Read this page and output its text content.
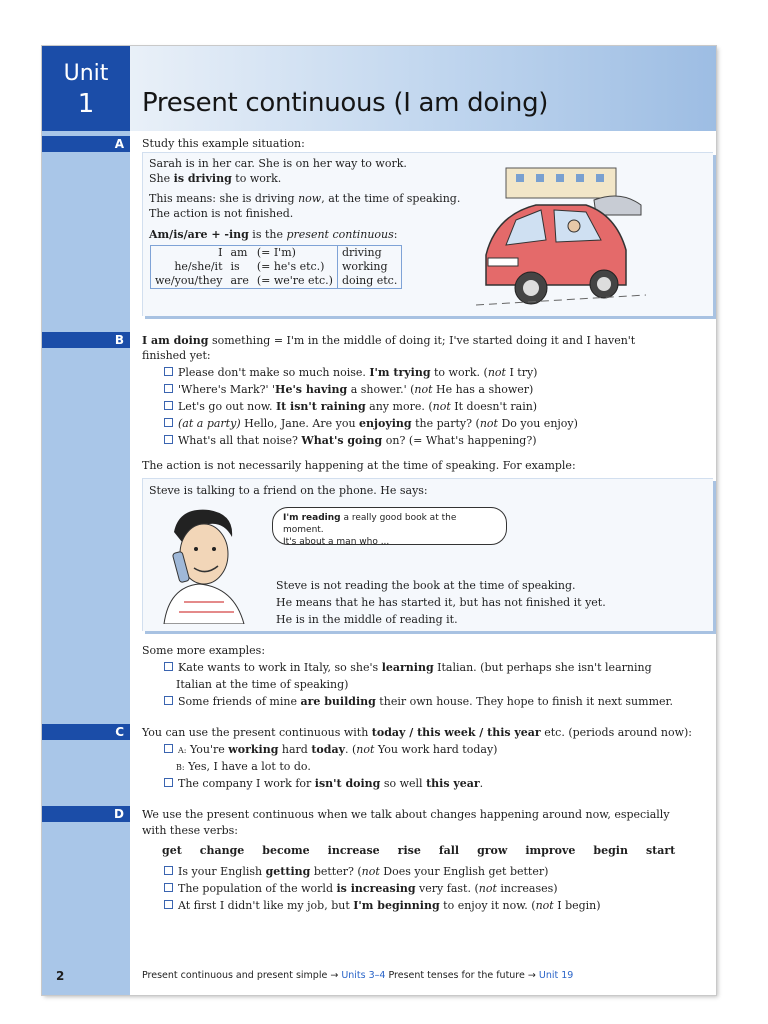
Unit
1	Present continuous (I am doing)
A	Study this example situation:
Sarah is in her car. She is on her way to work.
She is driving to work.
This means: she is driving now, at the time of speaking.
The action is not finished.
Am/is/are + -ing is the present continuous:
I	am	(= I'm)	driving
he/she/it	is	(= he's etc.)	working
we/you/they	are	(= we're etc.)	doing etc.
B	I am doing something = I'm in the middle of doing it; I've started doing it and I haven't
finished yet:
Please don't make so much noise. I'm trying to work. (not I try)
'Where's Mark?' 'He's having a shower.' (not He has a shower)
Let's go out now. It isn't raining any more. (not It doesn't rain)
(at a party) Hello, Jane. Are you enjoying the party? (not Do you enjoy)
What's all that noise? What's going on? (= What's happening?)
The action is not necessarily happening at the time of speaking. For example:
Steve is talking to a friend on the phone. He says:
I'm reading a really good book at the moment.
It's about a man who ...
Steve is not reading the book at the time of speaking.
He means that he has started it, but has not finished it yet.
He is in the middle of reading it.
Some more examples:
Kate wants to work in Italy, so she's learning Italian. (but perhaps she isn't learning
Italian at the time of speaking)
Some friends of mine are building their own house. They hope to finish it next summer.
C	You can use the present continuous with today / this week / this year etc. (periods around now):
A: You're working hard today. (not You work hard today)
B: Yes, I have a lot to do.
The company I work for isn't doing so well this year.
D	We use the present continuous when we talk about changes happening around now, especially
with these verbs:
get change become increase rise fall grow improve begin start
Is your English getting better? (not Does your English get better)
The population of the world is increasing very fast. (not increases)
At first I didn't like my job, but I'm beginning to enjoy it now. (not I begin)
2	Present continuous and present simple → Units 3–4 Present tenses for the future → Unit 19
